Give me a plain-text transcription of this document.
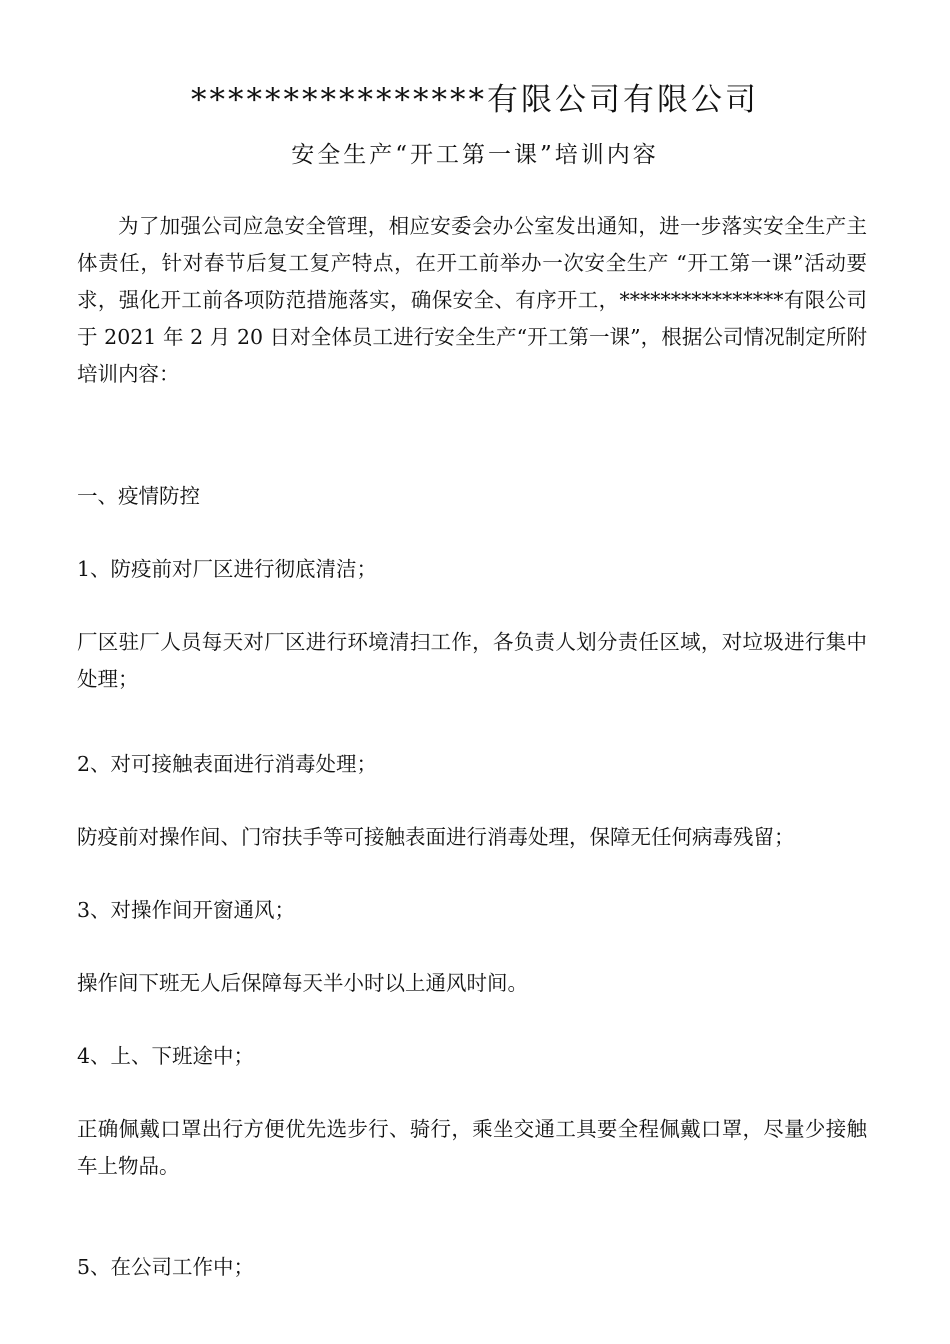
****************有限公司有限公司
安全生产“开工第一课”培训内容

为了加强公司应急安全管理，相应安委会办公室发出通知，进一步落实安全生产主体责任，针对春节后复工复产特点，在开工前举办一次安全生产 “开工第一课”活动要求，强化开工前各项防范措施落实，确保安全、有序开工，****************有限公司于 2021 年 2 月 20 日对全体员工进行安全生产“开工第一课”，根据公司情况制定所附培训内容：

一、疫情防控
1、防疫前对厂区进行彻底清洁；
厂区驻厂人员每天对厂区进行环境清扫工作，各负责人划分责任区域，对垃圾进行集中处理；
2、对可接触表面进行消毒处理；
防疫前对操作间、门帘扶手等可接触表面进行消毒处理，保障无任何病毒残留；
3、对操作间开窗通风；
操作间下班无人后保障每天半小时以上通风时间。
4、上、下班途中；
正确佩戴口罩出行方便优先选步行、骑行，乘坐交通工具要全程佩戴口罩，尽量少接触车上物品。
5、在公司工作中；
